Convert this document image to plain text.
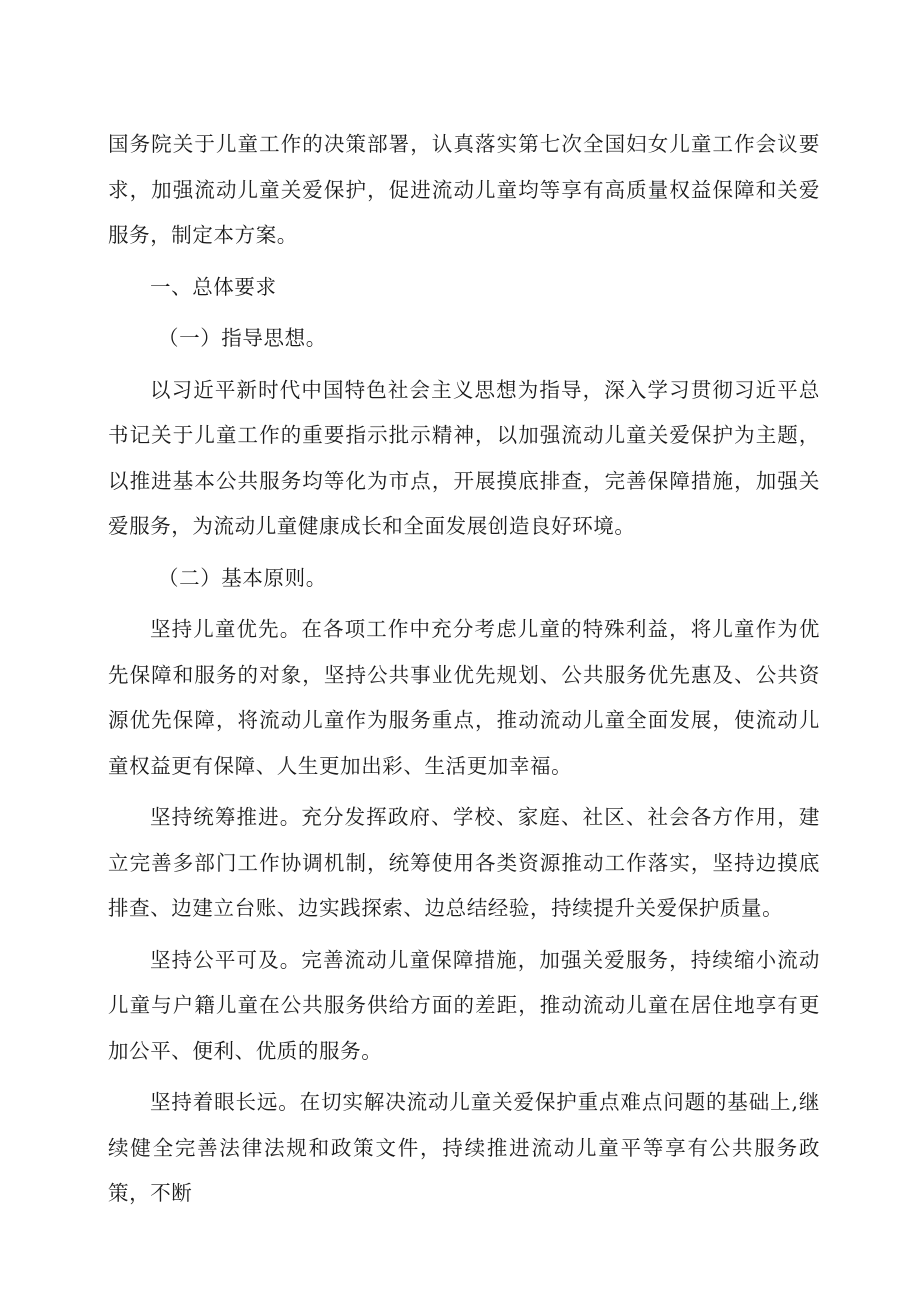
国务院关于儿童工作的决策部署，认真落实第七次全国妇女儿童工作会议要求，加强流动儿童关爱保护，促进流动儿童均等享有高质量权益保障和关爱服务，制定本方案。

一、总体要求

（一）指导思想。

以习近平新时代中国特色社会主义思想为指导，深入学习贯彻习近平总书记关于儿童工作的重要指示批示精神，以加强流动儿童关爱保护为主题，以推进基本公共服务均等化为市点，开展摸底排查，完善保障措施，加强关爱服务，为流动儿童健康成长和全面发展创造良好环境。

（二）基本原则。

坚持儿童优先。在各项工作中充分考虑儿童的特殊利益，将儿童作为优先保障和服务的对象，坚持公共事业优先规划、公共服务优先惠及、公共资源优先保障，将流动儿童作为服务重点，推动流动儿童全面发展，使流动儿童权益更有保障、人生更加出彩、生活更加幸福。

坚持统筹推进。充分发挥政府、学校、家庭、社区、社会各方作用，建立完善多部门工作协调机制，统筹使用各类资源推动工作落实，坚持边摸底排查、边建立台账、边实践探索、边总结经验，持续提升关爱保护质量。

坚持公平可及。完善流动儿童保障措施，加强关爱服务，持续缩小流动儿童与户籍儿童在公共服务供给方面的差距，推动流动儿童在居住地享有更加公平、便利、优质的服务。

坚持着眼长远。在切实解决流动儿童关爱保护重点难点问题的基础上,继续健全完善法律法规和政策文件，持续推进流动儿童平等享有公共服务政策，不断
